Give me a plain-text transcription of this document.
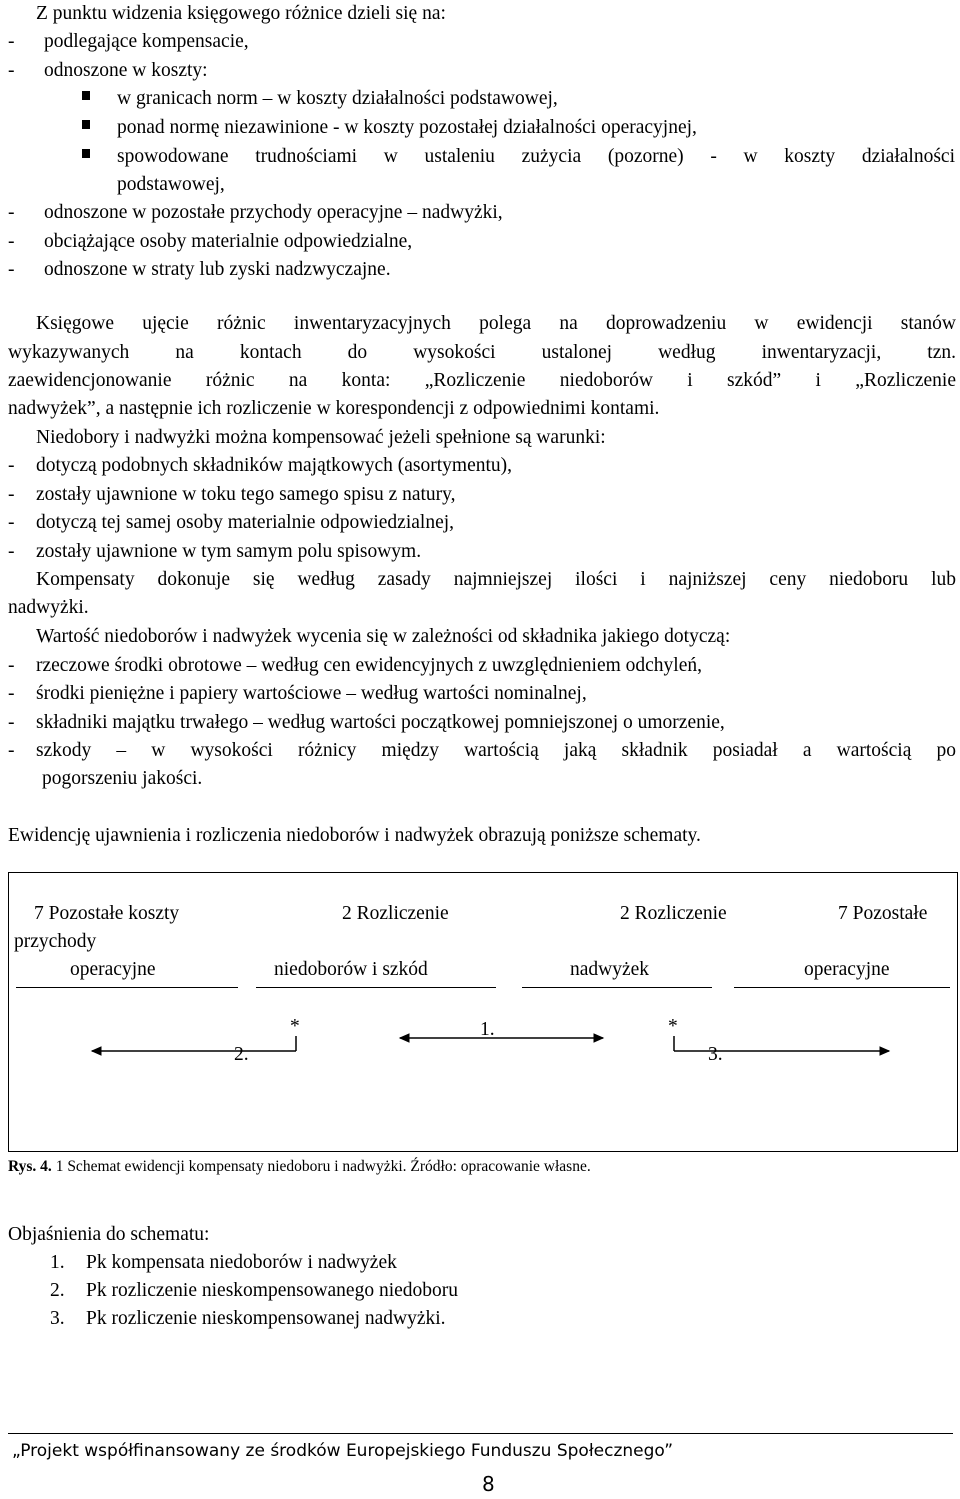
Z punktu widzenia księgowego różnice dzieli się na:
- podlegające kompensacie,
- odnoszone w koszty:
w granicach norm – w koszty działalności podstawowej,
ponad normę niezawinione - w koszty pozostałej działalności operacyjnej,
spowodowane trudnościami w ustaleniu zużycia (pozorne) - w koszty działalności
podstawowej,
- odnoszone w pozostałe przychody operacyjne – nadwyżki,
- obciążające osoby materialnie odpowiedzialne,
- odnoszone w straty lub zyski nadzwyczajne.
Księgowe ujęcie różnic inwentaryzacyjnych polega na doprowadzeniu w ewidencji stanów
wykazywanych na kontach do wysokości ustalonej według inwentaryzacji, tzn.
zaewidencjonowanie różnic na konta: „Rozliczenie niedoborów i szkód” i „Rozliczenie
nadwyżek”, a następnie ich rozliczenie w korespondencji z odpowiednimi kontami.
Niedobory i nadwyżki można kompensować jeżeli spełnione są warunki:
- dotyczą podobnych składników majątkowych (asortymentu),
- zostały ujawnione w toku tego samego spisu z natury,
- dotyczą tej samej osoby materialnie odpowiedzialnej,
- zostały ujawnione w tym samym polu spisowym.
Kompensaty dokonuje się według zasady najmniejszej ilości i najniższej ceny niedoboru lub
nadwyżki.
Wartość niedoborów i nadwyżek wycenia się w zależności od składnika jakiego dotyczą:
- rzeczowe środki obrotowe – według cen ewidencyjnych z uwzględnieniem odchyleń,
- środki pieniężne i papiery wartościowe – według wartości nominalnej,
- składniki majątku trwałego – według wartości początkowej pomniejszonej o umorzenie,
- szkody – w wysokości różnicy między wartością jaką składnik posiadał a wartością po
pogorszeniu jakości.
Ewidencję ujawnienia i rozliczenia niedoborów i nadwyżek obrazują poniższe schematy.
7 Pozostałe koszty	2 Rozliczenie	2 Rozliczenie	7 Pozostałe
przychody
operacyjne	niedoborów i szkód	nadwyżek	operacyjne
*	*
1.
2.	3.
Rys. 4. 1 Schemat ewidencji kompensaty niedoboru i nadwyżki. Źródło: opracowanie własne.
Objaśnienia do schematu:
1. Pk kompensata niedoborów i nadwyżek
2. Pk rozliczenie nieskompensowanego niedoboru
3. Pk rozliczenie nieskompensowanej nadwyżki.
„Projekt współfinansowany ze środków Europejskiego Funduszu Społecznego”
8
